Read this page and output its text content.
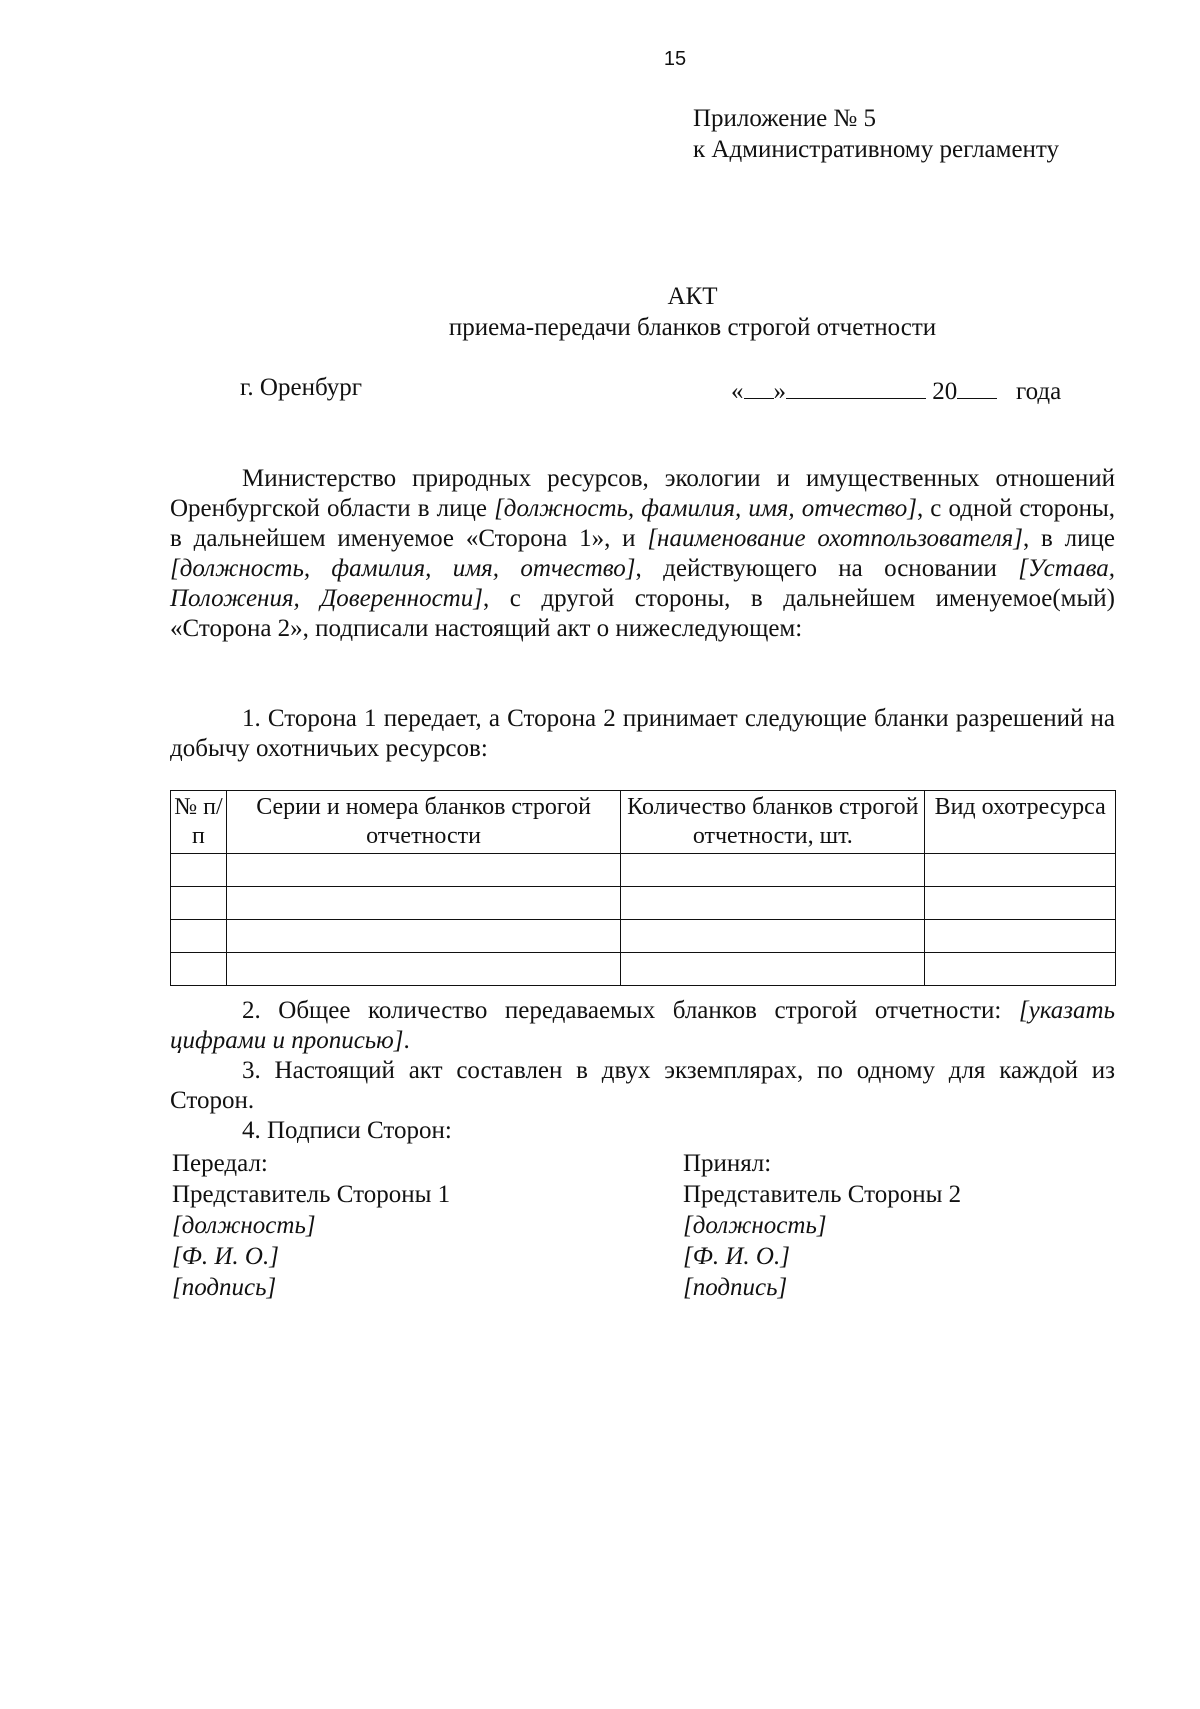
15
Приложение № 5
к Административному регламенту
АКТ
приема-передачи бланков строгой отчетности
г. Оренбург	« »	20 года

Министерство природных ресурсов, экологии и имущественных отношений Оренбургской области в лице [должность, фамилия, имя, отчество], с одной стороны, в дальнейшем именуемое «Сторона 1», и [наименование охотпользователя], в лице [должность, фамилия, имя, отчество], действующего на основании [Устава, Положения, Доверенности], с другой стороны, в дальнейшем именуемое(мый) «Сторона 2», подписали настоящий акт о нижеследующем:

1. Сторона 1 передает, а Сторона 2 принимает следующие бланки разрешений на добычу охотничьих ресурсов:

№ п/п	Серии и номера бланков строгой отчетности	Количество бланков строгой отчетности, шт.	Вид охотресурса

2. Общее количество передаваемых бланков строгой отчетности: [указать цифрами и прописью].

3. Настоящий акт составлен в двух экземплярах, по одному для каждой из Сторон.

4. Подписи Сторон:

Передал:
Представитель Стороны 1
[должность]
[Ф. И. О.]
[подпись]
Принял:
Представитель Стороны 2
[должность]
[Ф. И. О.]
[подпись]
